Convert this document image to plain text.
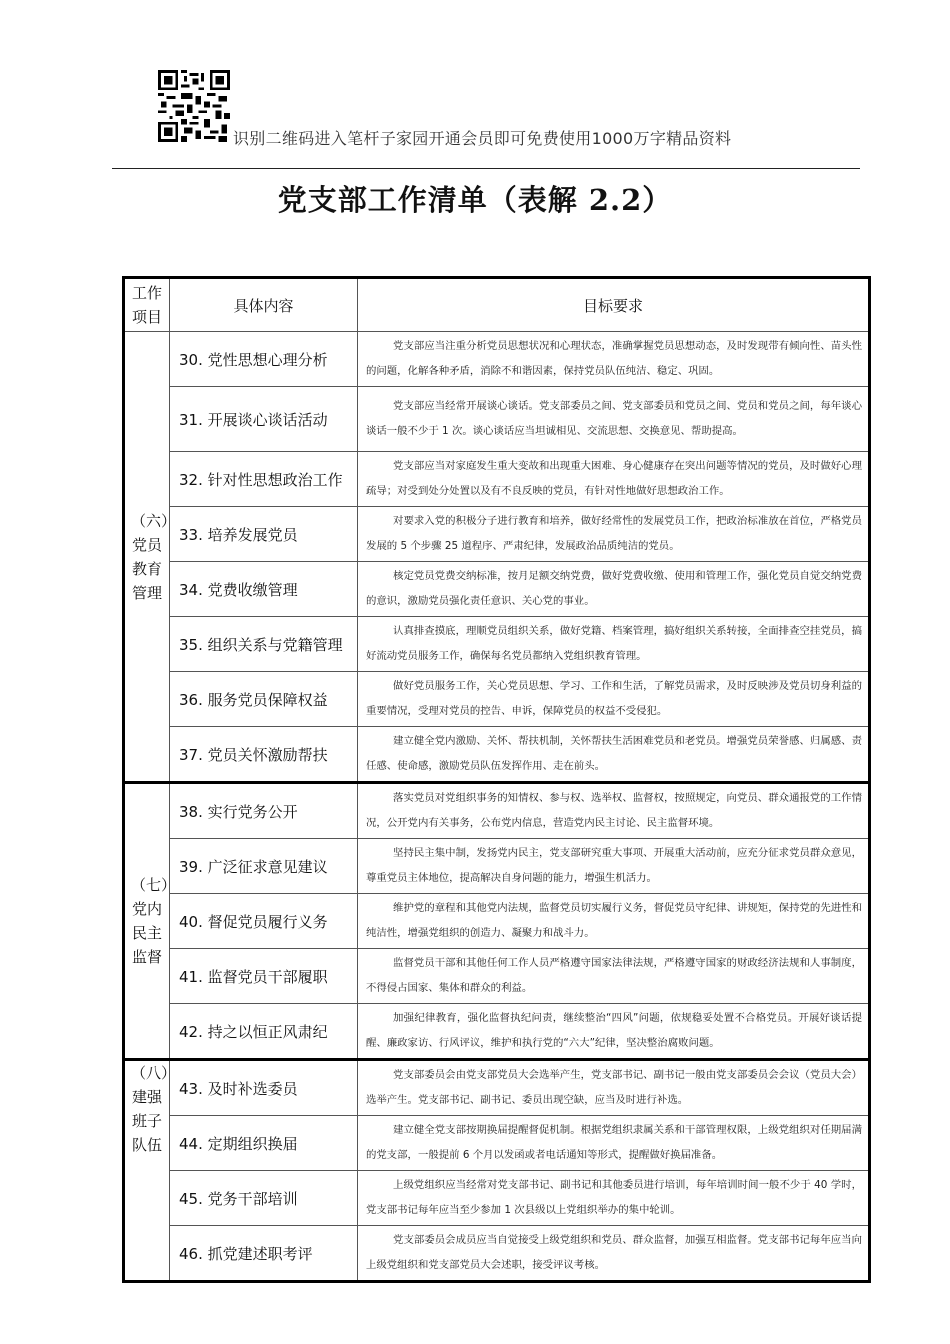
识别二维码进入笔杆子家园开通会员即可免费使用1000万字精品资料
党支部工作清单（表解 2.2）
工作项目	具体内容	目标要求
（六）党员教育管理	30. 党性思想心理分析	党支部应当注重分析党员思想状况和心理状态，准确掌握党员思想动态，及时发现带有倾向性、苗头性的问题，化解各种矛盾，消除不和谐因素，保持党员队伍纯洁、稳定、巩固。
	31. 开展谈心谈话活动	党支部应当经常开展谈心谈话。党支部委员之间、党支部委员和党员之间、党员和党员之间，每年谈心谈话一般不少于 1 次。谈心谈话应当坦诚相见、交流思想、交换意见、帮助提高。
	32. 针对性思想政治工作	党支部应当对家庭发生重大变故和出现重大困难、身心健康存在突出问题等情况的党员，及时做好心理疏导；对受到处分处置以及有不良反映的党员，有针对性地做好思想政治工作。
	33. 培养发展党员	对要求入党的积极分子进行教育和培养，做好经常性的发展党员工作，把政治标准放在首位，严格党员发展的 5 个步骤 25 道程序、严肃纪律，发展政治品质纯洁的党员。
	34. 党费收缴管理	核定党员党费交纳标准，按月足额交纳党费，做好党费收缴、使用和管理工作，强化党员自觉交纳党费的意识，激励党员强化责任意识、关心党的事业。
	35. 组织关系与党籍管理	认真排查摸底，理顺党员组织关系，做好党籍、档案管理，搞好组织关系转接，全面排查空挂党员，搞好流动党员服务工作，确保每名党员都纳入党组织教育管理。
	36. 服务党员保障权益	做好党员服务工作，关心党员思想、学习、工作和生活，了解党员需求，及时反映涉及党员切身利益的重要情况，受理对党员的控告、申诉，保障党员的权益不受侵犯。
	37. 党员关怀激励帮扶	建立健全党内激励、关怀、帮扶机制，关怀帮扶生活困难党员和老党员。增强党员荣誉感、归属感、责任感、使命感，激励党员队伍发挥作用、走在前头。
（七）党内民主监督	38. 实行党务公开	落实党员对党组织事务的知情权、参与权、选举权、监督权，按照规定，向党员、群众通报党的工作情况，公开党内有关事务，公布党内信息，营造党内民主讨论、民主监督环境。
	39. 广泛征求意见建议	坚持民主集中制，发扬党内民主，党支部研究重大事项、开展重大活动前，应充分征求党员群众意见，尊重党员主体地位，提高解决自身问题的能力，增强生机活力。
	40. 督促党员履行义务	维护党的章程和其他党内法规，监督党员切实履行义务，督促党员守纪律、讲规矩，保持党的先进性和纯洁性，增强党组织的创造力、凝聚力和战斗力。
	41. 监督党员干部履职	监督党员干部和其他任何工作人员严格遵守国家法律法规，严格遵守国家的财政经济法规和人事制度，不得侵占国家、集体和群众的利益。
	42. 持之以恒正风肃纪	加强纪律教育，强化监督执纪问责，继续整治“四风”问题，依规稳妥处置不合格党员。开展好谈话提醒、廉政家访、行风评议，维护和执行党的“六大”纪律，坚决整治腐败问题。
（八）建强班子队伍	43. 及时补选委员	党支部委员会由党支部党员大会选举产生，党支部书记、副书记一般由党支部委员会会议（党员大会）选举产生。党支部书记、副书记、委员出现空缺，应当及时进行补选。
	44. 定期组织换届	建立健全党支部按期换届提醒督促机制。根据党组织隶属关系和干部管理权限，上级党组织对任期届满的党支部，一般提前 6 个月以发函或者电话通知等形式，提醒做好换届准备。
	45. 党务干部培训	上级党组织应当经常对党支部书记、副书记和其他委员进行培训，每年培训时间一般不少于 40 学时，党支部书记每年应当至少参加 1 次县级以上党组织举办的集中轮训。
	46. 抓党建述职考评	党支部委员会成员应当自觉接受上级党组织和党员、群众监督，加强互相监督。党支部书记每年应当向上级党组织和党支部党员大会述职，接受评议考核。
